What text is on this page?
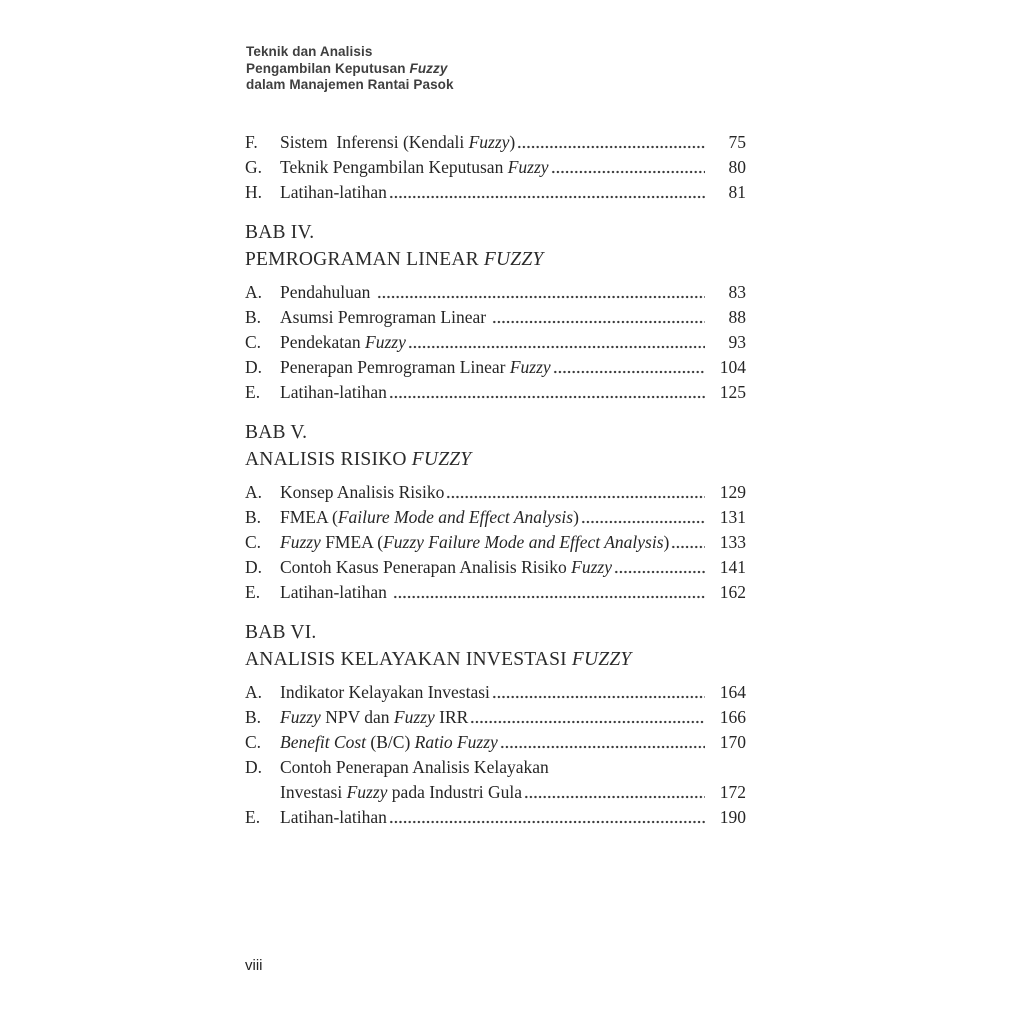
Teknik dan Analisis
Pengambilan Keputusan Fuzzy
dalam Manajemen Rantai Pasok
F.	Sistem  Inferensi (Kendali Fuzzy)	75
G.	Teknik Pengambilan Keputusan Fuzzy	80
H.	Latihan-latihan	81
BAB IV.
PEMROGRAMAN LINEAR FUZZY
A.	Pendahuluan	83
B.	Asumsi Pemrograman Linear	88
C.	Pendekatan Fuzzy	93
D.	Penerapan Pemrograman Linear Fuzzy	104
E.	Latihan-latihan	125
BAB V.
ANALISIS RISIKO FUZZY
A.	Konsep Analisis Risiko	129
B.	FMEA (Failure Mode and Effect Analysis)	131
C.	Fuzzy FMEA (Fuzzy Failure Mode and Effect Analysis)	133
D.	Contoh Kasus Penerapan Analisis Risiko Fuzzy	141
E.	Latihan-latihan	162
BAB VI.
ANALISIS KELAYAKAN INVESTASI FUZZY
A.	Indikator Kelayakan Investasi	164
B.	Fuzzy NPV dan Fuzzy IRR	166
C.	Benefit Cost (B/C) Ratio Fuzzy	170
D.	Contoh Penerapan Analisis Kelayakan
Investasi Fuzzy pada Industri Gula	172
E.	Latihan-latihan	190
viii
